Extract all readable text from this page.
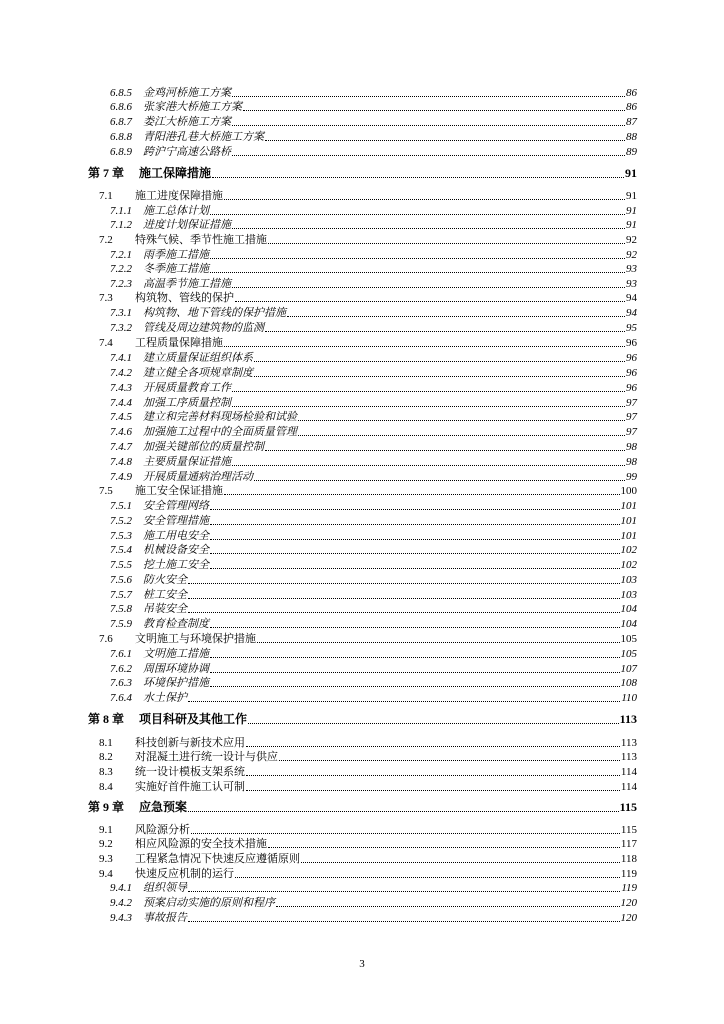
6.8.5	金鸡河桥施工方案	86
6.8.6	张家港大桥施工方案	86
6.8.7	娄江大桥施工方案	87
6.8.8	青阳港孔巷大桥施工方案	88
6.8.9	跨沪宁高速公路桥	89
第 7 章	施工保障措施	91
7.1	施工进度保障措施	91
7.1.1	施工总体计划	91
7.1.2	进度计划保证措施	91
7.2	特殊气候、季节性施工措施	92
7.2.1	雨季施工措施	92
7.2.2	冬季施工措施	93
7.2.3	高温季节施工措施	93
7.3	构筑物、管线的保护	94
7.3.1	构筑物、地下管线的保护措施	94
7.3.2	管线及周边建筑物的监测	95
7.4	工程质量保障措施	96
7.4.1	建立质量保证组织体系	96
7.4.2	建立健全各项规章制度	96
7.4.3	开展质量教育工作	96
7.4.4	加强工序质量控制	97
7.4.5	建立和完善材料现场检验和试验	97
7.4.6	加强施工过程中的全面质量管理	97
7.4.7	加强关键部位的质量控制	98
7.4.8	主要质量保证措施	98
7.4.9	开展质量通病治理活动	99
7.5	施工安全保证措施	100
7.5.1	安全管理网络	101
7.5.2	安全管理措施	101
7.5.3	施工用电安全	101
7.5.4	机械设备安全	102
7.5.5	挖土施工安全	102
7.5.6	防火安全	103
7.5.7	桩工安全	103
7.5.8	吊装安全	104
7.5.9	教育检查制度	104
7.6	文明施工与环境保护措施	105
7.6.1	文明施工措施	105
7.6.2	周围环境协调	107
7.6.3	环境保护措施	108
7.6.4	水土保护	110
第 8 章	项目科研及其他工作	113
8.1	科技创新与新技术应用	113
8.2	对混凝土进行统一设计与供应	113
8.3	统一设计模板支架系统	114
8.4	实施好首件施工认可制	114
第 9 章	应急预案	115
9.1	风险源分析	115
9.2	相应风险源的安全技术措施	117
9.3	工程紧急情况下快速反应遵循原则	118
9.4	快速反应机制的运行	119
9.4.1	组织领导	119
9.4.2	预案启动实施的原则和程序	120
9.4.3	事故报告	120
3
